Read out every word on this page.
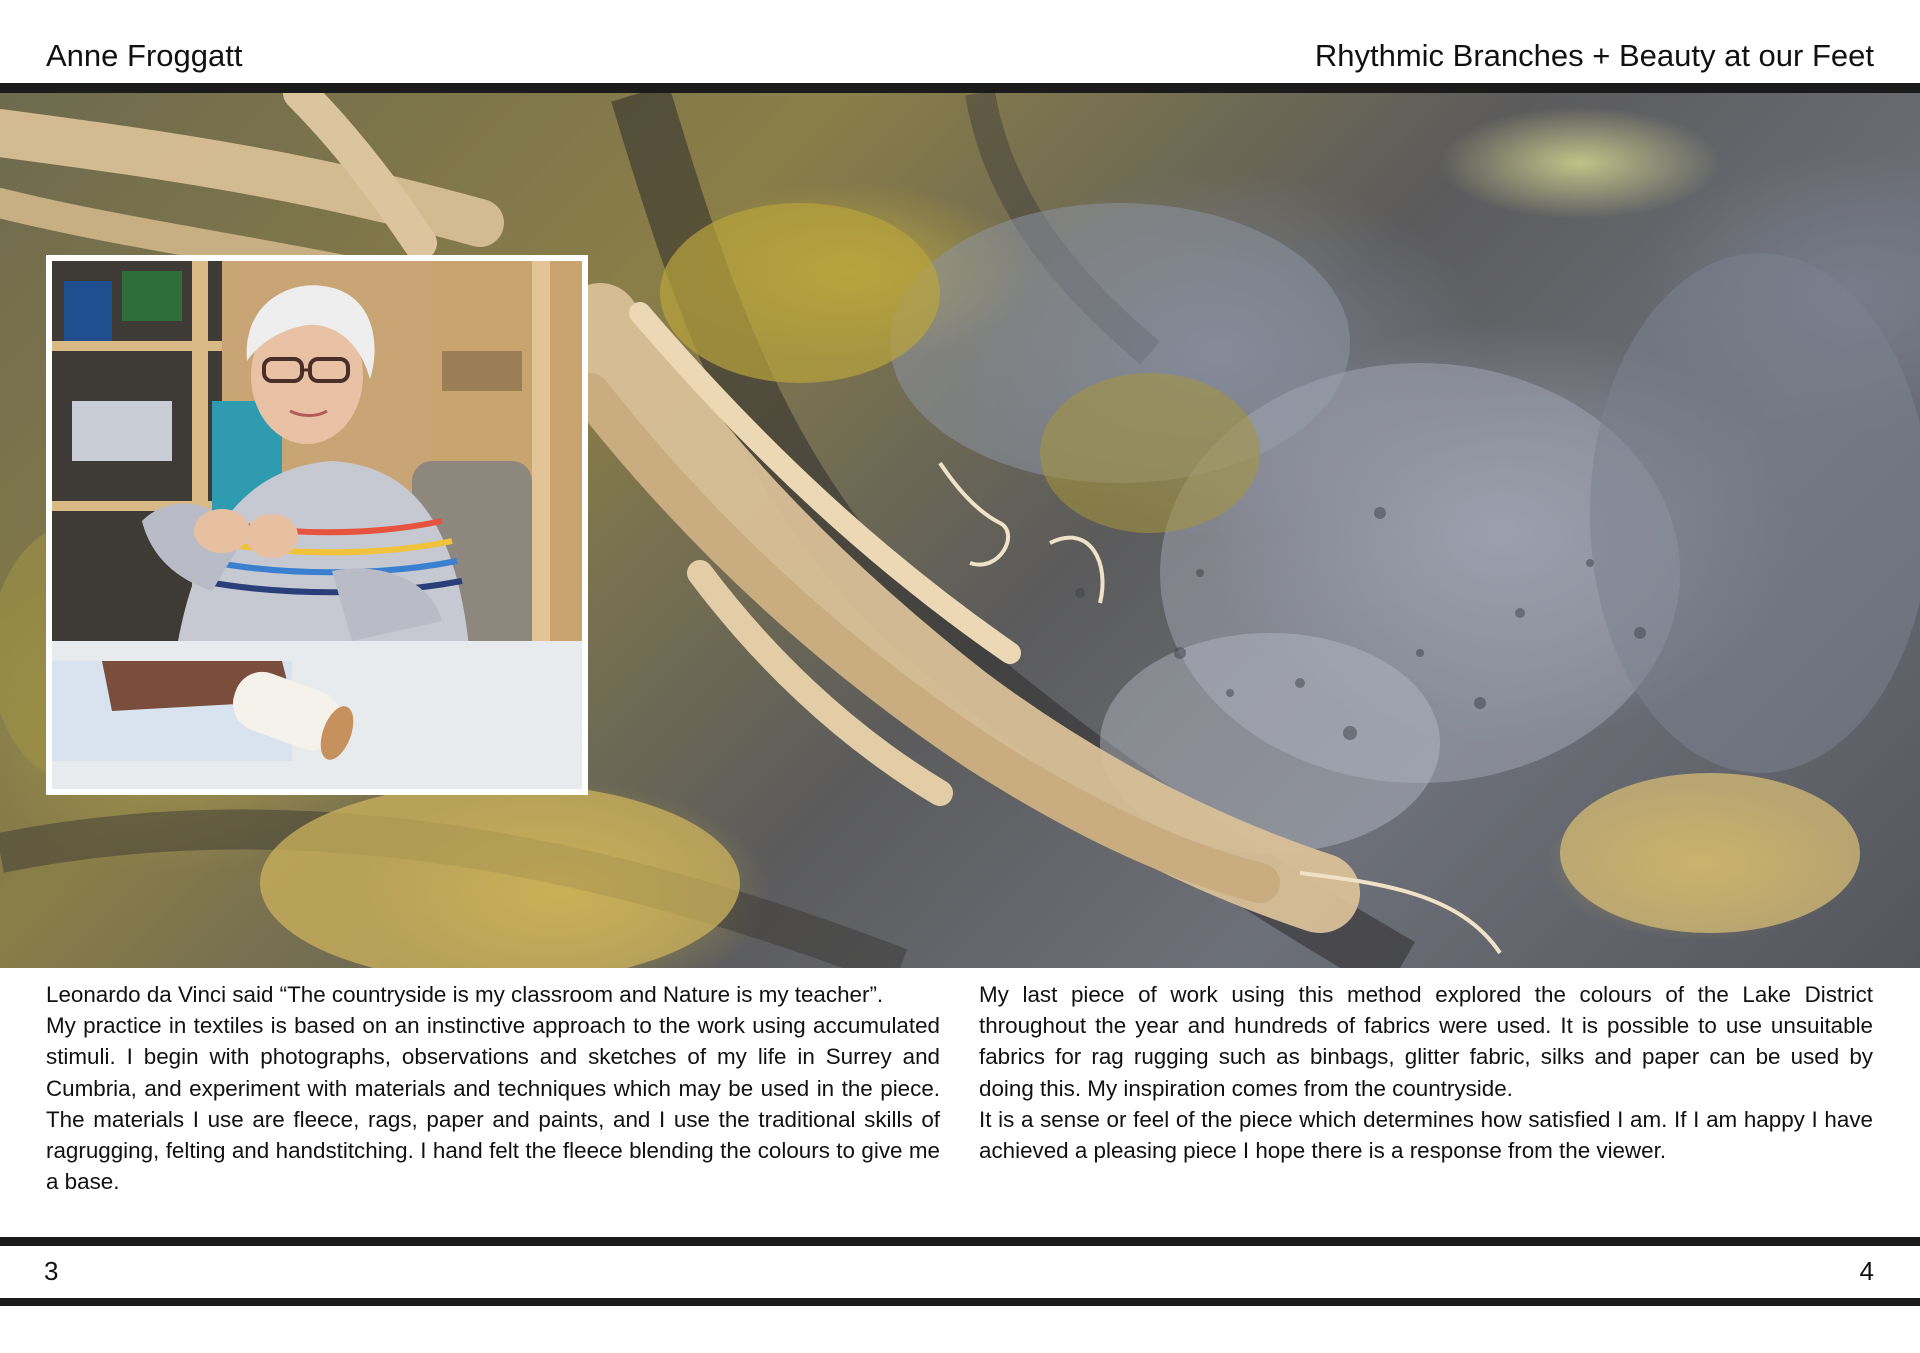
Anne Froggatt	Rhythmic Branches + Beauty at our Feet

Leonardo da Vinci said “The countryside is my classroom and Nature is my teacher”.

My practice in textiles is based on an instinctive approach to the work using accumulated stimuli. I begin with photographs, observations and sketches of my life in Surrey and Cumbria, and experiment with materials and techniques which may be used in the piece. The materials I use are fleece, rags, paper and paints, and I use the traditional skills of ragrugging, felting and handstitching. I hand felt the fleece blending the colours to give me a base.

My last piece of work using this method explored the colours of the Lake District throughout the year and hundreds of fabrics were used. It is possible to use unsuitable fabrics for rag rugging such as binbags, glitter fabric, silks and paper can be used by doing this. My inspiration comes from the countryside.

It is a sense or feel of the piece which determines how satisfied I am. If I am happy I have achieved a pleasing piece I hope there is a response from the viewer.

3	4
